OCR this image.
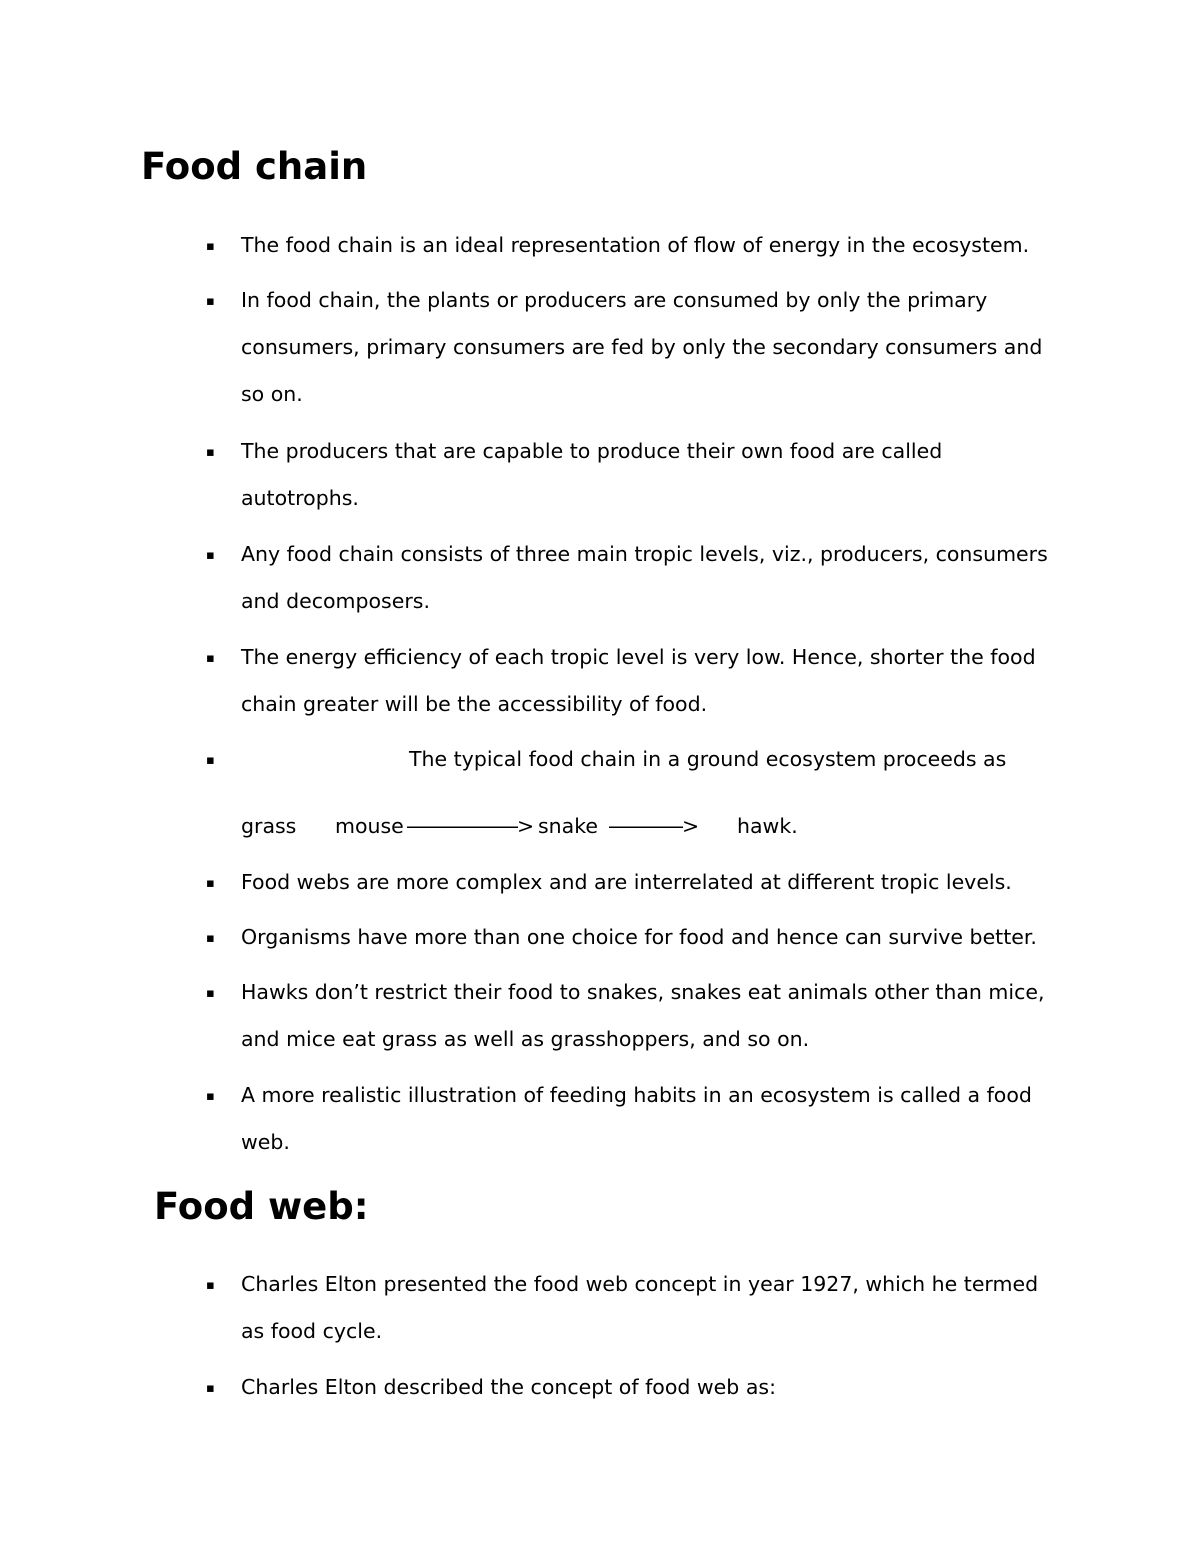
Food chain
▪ The food chain is an ideal representation of flow of energy in the ecosystem.
▪ In food chain, the plants or producers are consumed by only the primary
consumers, primary consumers are fed by only the secondary consumers and
so on.
▪ The producers that are capable to produce their own food are called
autotrophs.
▪ Any food chain consists of three main tropic levels, viz., producers, consumers
and decomposers.
▪ The energy efficiency of each tropic level is very low. Hence, shorter the food
chain greater will be the accessibility of food.
▪	The typical food chain in a ground ecosystem proceeds as
grass mouse ——————> snake ————> hawk.
▪ Food webs are more complex and are interrelated at different tropic levels.
▪ Organisms have more than one choice for food and hence can survive better.
▪ Hawks don’t restrict their food to snakes, snakes eat animals other than mice,
and mice eat grass as well as grasshoppers, and so on.
▪ A more realistic illustration of feeding habits in an ecosystem is called a food
web.
Food web:
▪ Charles Elton presented the food web concept in year 1927, which he termed
as food cycle.
▪ Charles Elton described the concept of food web as:
